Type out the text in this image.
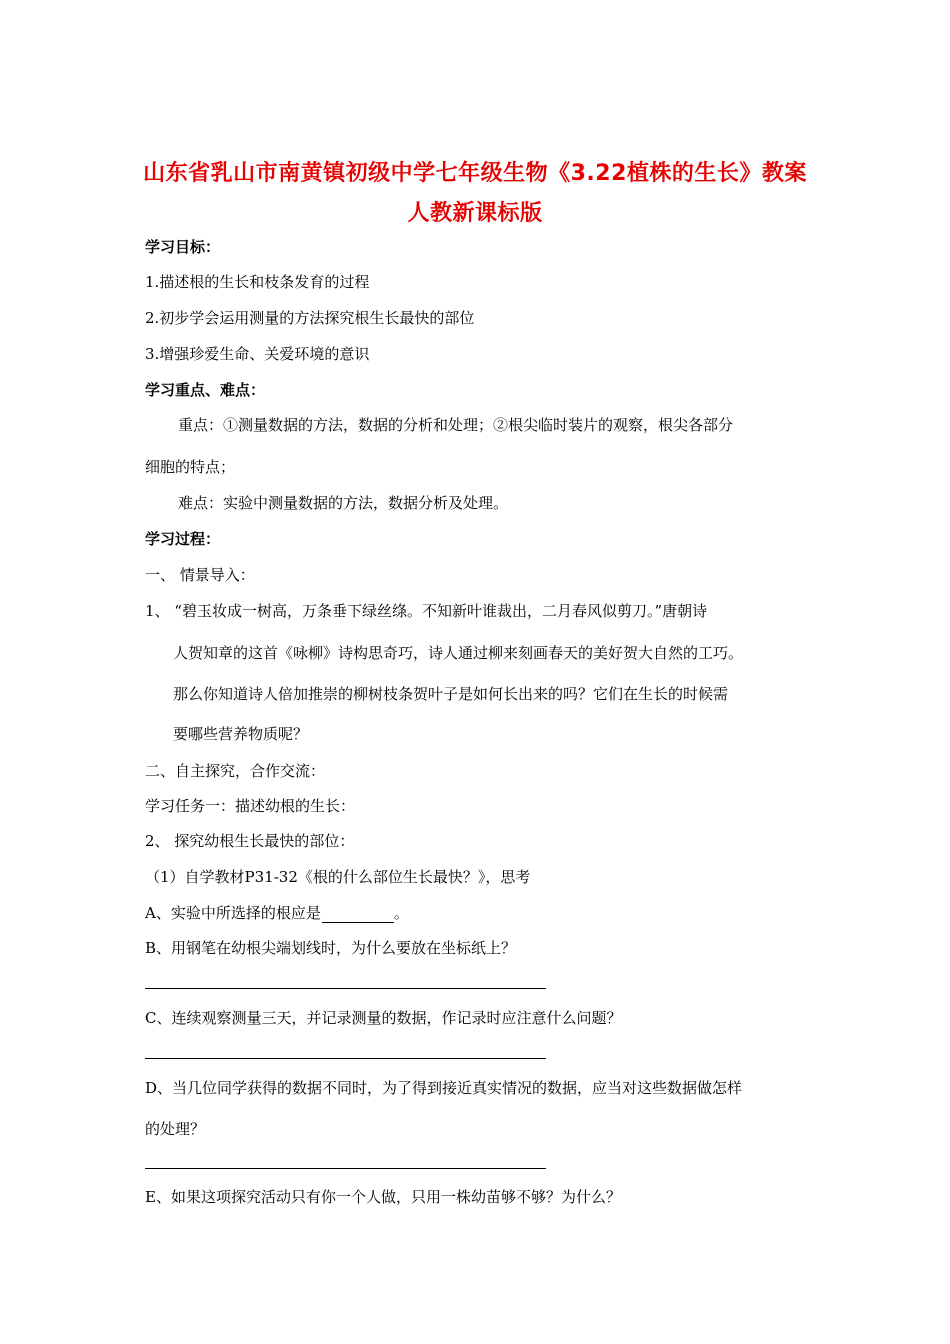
山东省乳山市南黄镇初级中学七年级生物《3.22植株的生长》教案
人教新课标版
学习目标：
1.描述根的生长和枝条发育的过程
2.初步学会运用测量的方法探究根生长最快的部位
3.增强珍爱生命、关爱环境的意识
学习重点、难点：
重点：①测量数据的方法，数据的分析和处理；②根尖临时装片的观察，根尖各部分
细胞的特点；
难点：实验中测量数据的方法，数据分析及处理。
学习过程：
一、 情景导入：
1、 “碧玉妆成一树高，万条垂下绿丝绦。不知新叶谁裁出，二月春风似剪刀。”唐朝诗
人贺知章的这首《咏柳》诗构思奇巧，诗人通过柳来刻画春天的美好贺大自然的工巧。
那么你知道诗人倍加推崇的柳树枝条贺叶子是如何长出来的吗？它们在生长的时候需
要哪些营养物质呢？
二、自主探究，合作交流：
学习任务一：描述幼根的生长：
2、 探究幼根生长最快的部位：
（1）自学教材P31-32《根的什么部位生长最快？》，思考
A、实验中所选择的根应是	。
B、用钢笔在幼根尖端划线时，为什么要放在坐标纸上？
C、连续观察测量三天，并记录测量的数据，作记录时应注意什么问题？
D、当几位同学获得的数据不同时，为了得到接近真实情况的数据，应当对这些数据做怎样
的处理？
E、如果这项探究活动只有你一个人做，只用一株幼苗够不够？为什么？
